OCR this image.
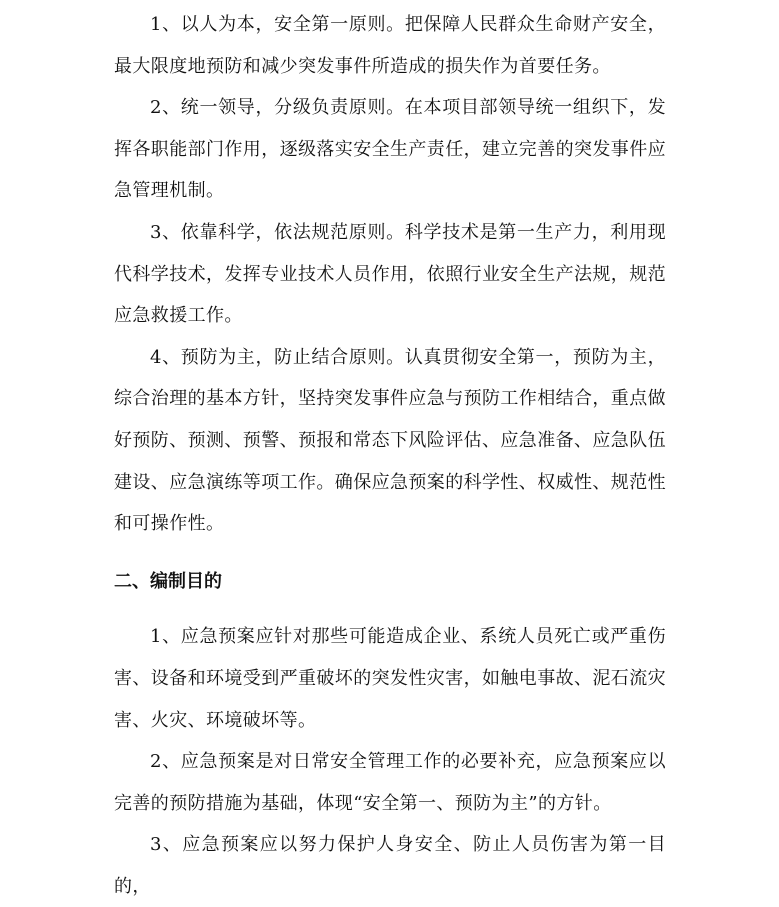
1、以人为本，安全第一原则。把保障人民群众生命财产安全，最大限度地预防和减少突发事件所造成的损失作为首要任务。

2、统一领导，分级负责原则。在本项目部领导统一组织下，发挥各职能部门作用，逐级落实安全生产责任，建立完善的突发事件应急管理机制。

3、依靠科学，依法规范原则。科学技术是第一生产力，利用现代科学技术，发挥专业技术人员作用，依照行业安全生产法规，规范应急救援工作。

4、预防为主，防止结合原则。认真贯彻安全第一，预防为主，综合治理的基本方针，坚持突发事件应急与预防工作相结合，重点做好预防、预测、预警、预报和常态下风险评估、应急准备、应急队伍建设、应急演练等项工作。确保应急预案的科学性、权威性、规范性和可操作性。

二、编制目的

1、应急预案应针对那些可能造成企业、系统人员死亡或严重伤害、设备和环境受到严重破坏的突发性灾害，如触电事故、泥石流灾害、火灾、环境破坏等。

2、应急预案是对日常安全管理工作的必要补充，应急预案应以完善的预防措施为基础，体现“安全第一、预防为主”的方针。

3、应急预案应以努力保护人身安全、防止人员伤害为第一目的，
